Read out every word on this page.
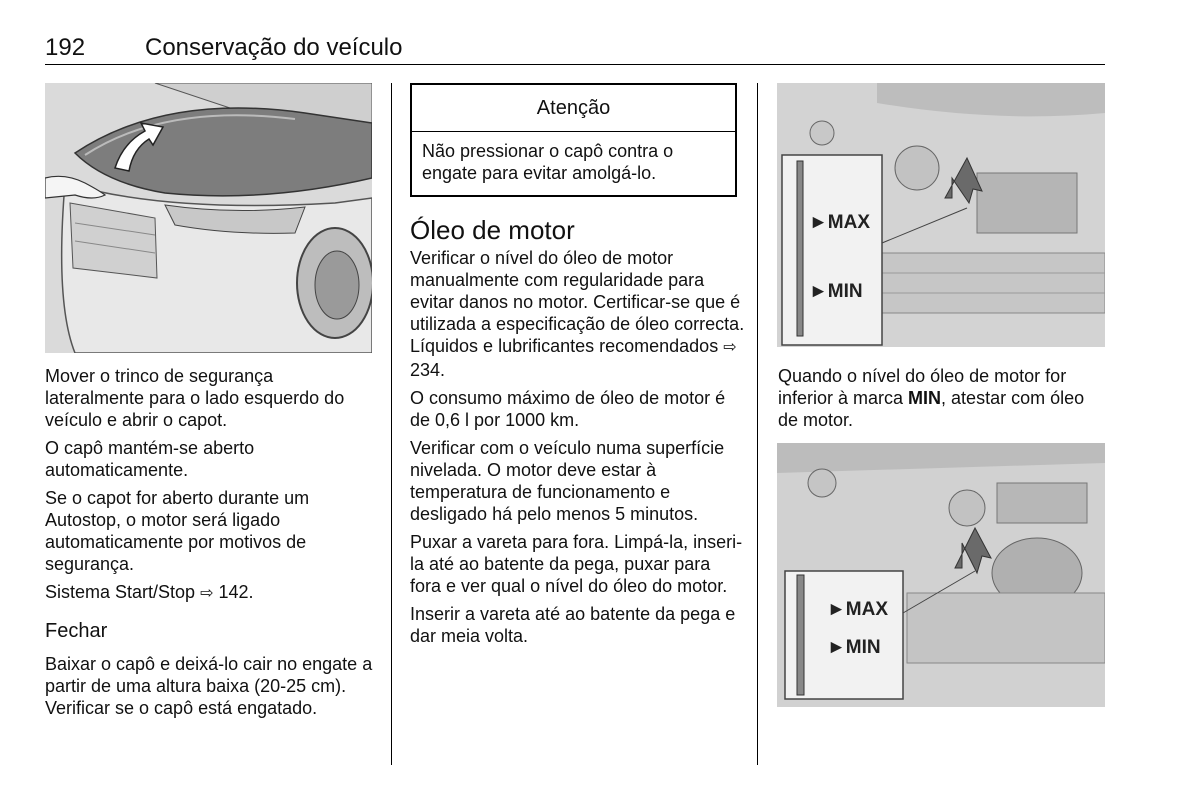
192 Conservação do veículo

Mover o trinco de segurança lateralmente para o lado esquerdo do veículo e abrir o capot.

O capô mantém-se aberto automaticamente.

Se o capot for aberto durante um Autostop, o motor será ligado automaticamente por motivos de segurança.

Sistema Start/Stop ⇨ 142.

Fechar

Baixar o capô e deixá-lo cair no engate a partir de uma altura baixa (20-25 cm). Verificar se o capô está engatado.

Atenção
Não pressionar o capô contra o engate para evitar amolgá-lo.
Óleo de motor

Verificar o nível do óleo de motor manualmente com regularidade para evitar danos no motor. Certificar-se que é utilizada a especificação de óleo correcta. Líquidos e lubrificantes recomendados ⇨ 234.

O consumo máximo de óleo de motor é de 0,6 l por 1000 km.

Verificar com o veículo numa superfície nivelada. O motor deve estar à temperatura de funcionamento e desligado há pelo menos 5 minutos.

Puxar a vareta para fora. Limpá-la, inseri-la até ao batente da pega, puxar para fora e ver qual o nível do óleo do motor.

Inserir a vareta até ao batente da pega e dar meia volta.

►MAX
►MIN

Quando o nível do óleo de motor for inferior à marca MIN, atestar com óleo de motor.

►MAX
►MIN
